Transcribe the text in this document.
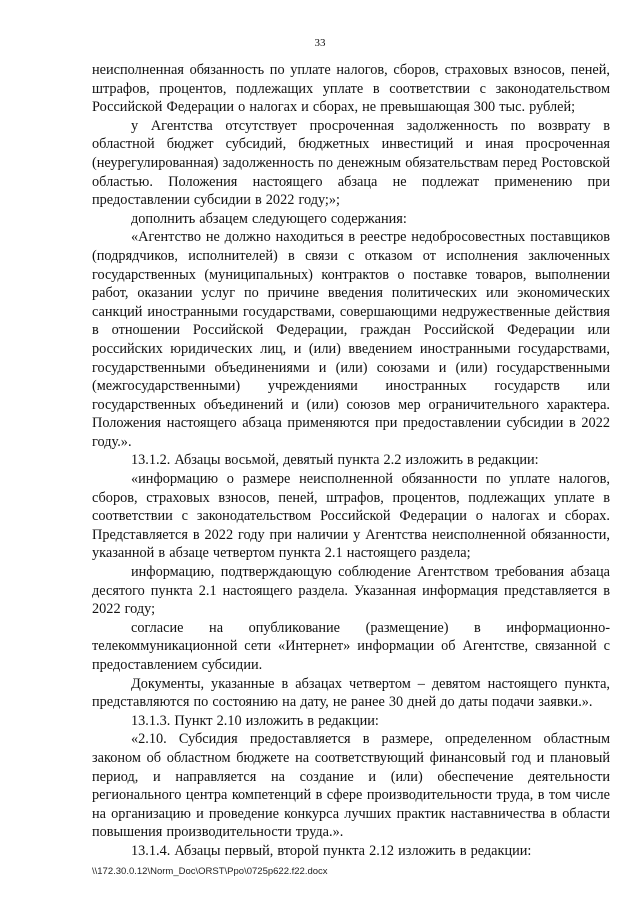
33

неисполненная обязанность по уплате налогов, сборов, страховых взносов, пеней, штрафов, процентов, подлежащих уплате в соответствии с законодательством Российской Федерации о налогах и сборах, не превышающая 300 тыс. рублей;

у Агентства отсутствует просроченная задолженность по возврату в областной бюджет субсидий, бюджетных инвестиций и иная просроченная (неурегулированная) задолженность по денежным обязательствам перед Ростовской областью. Положения настоящего абзаца не подлежат применению при предоставлении субсидии в 2022 году;»;

дополнить абзацем следующего содержания:

«Агентство не должно находиться в реестре недобросовестных поставщиков (подрядчиков, исполнителей) в связи с отказом от исполнения заключенных государственных (муниципальных) контрактов о поставке товаров, выполнении работ, оказании услуг по причине введения политических или экономических санкций иностранными государствами, совершающими недружественные действия в отношении Российской Федерации, граждан Российской Федерации или российских юридических лиц, и (или) введением иностранными государствами, государственными объединениями и (или) союзами и (или) государственными (межгосударственными) учреждениями иностранных государств или государственных объединений и (или) союзов мер ограничительного характера. Положения настоящего абзаца применяются при предоставлении субсидии в 2022 году.».

13.1.2. Абзацы восьмой, девятый пункта 2.2 изложить в редакции:

«информацию о размере неисполненной обязанности по уплате налогов, сборов, страховых взносов, пеней, штрафов, процентов, подлежащих уплате в соответствии с законодательством Российской Федерации о налогах и сборах. Представляется в 2022 году при наличии у Агентства неисполненной обязанности, указанной в абзаце четвертом пункта 2.1 настоящего раздела;

информацию, подтверждающую соблюдение Агентством требования абзаца десятого пункта 2.1 настоящего раздела. Указанная информация представляется в 2022 году;

согласие на опубликование (размещение) в информационно-телекоммуникационной сети «Интернет» информации об Агентстве, связанной с предоставлением субсидии.

Документы, указанные в абзацах четвертом – девятом настоящего пункта, представляются по состоянию на дату, не ранее 30 дней до даты подачи заявки.».

13.1.3. Пункт 2.10 изложить в редакции:

«2.10. Субсидия предоставляется в размере, определенном областным законом об областном бюджете на соответствующий финансовый год и плановый период, и направляется на создание и (или) обеспечение деятельности регионального центра компетенций в сфере производительности труда, в том числе на организацию и проведение конкурса лучших практик наставничества в области повышения производительности труда.».

13.1.4. Абзацы первый, второй пункта 2.12 изложить в редакции:

\\172.30.0.12\Norm_Doc\ORST\Ppo\0725p622.f22.docx
